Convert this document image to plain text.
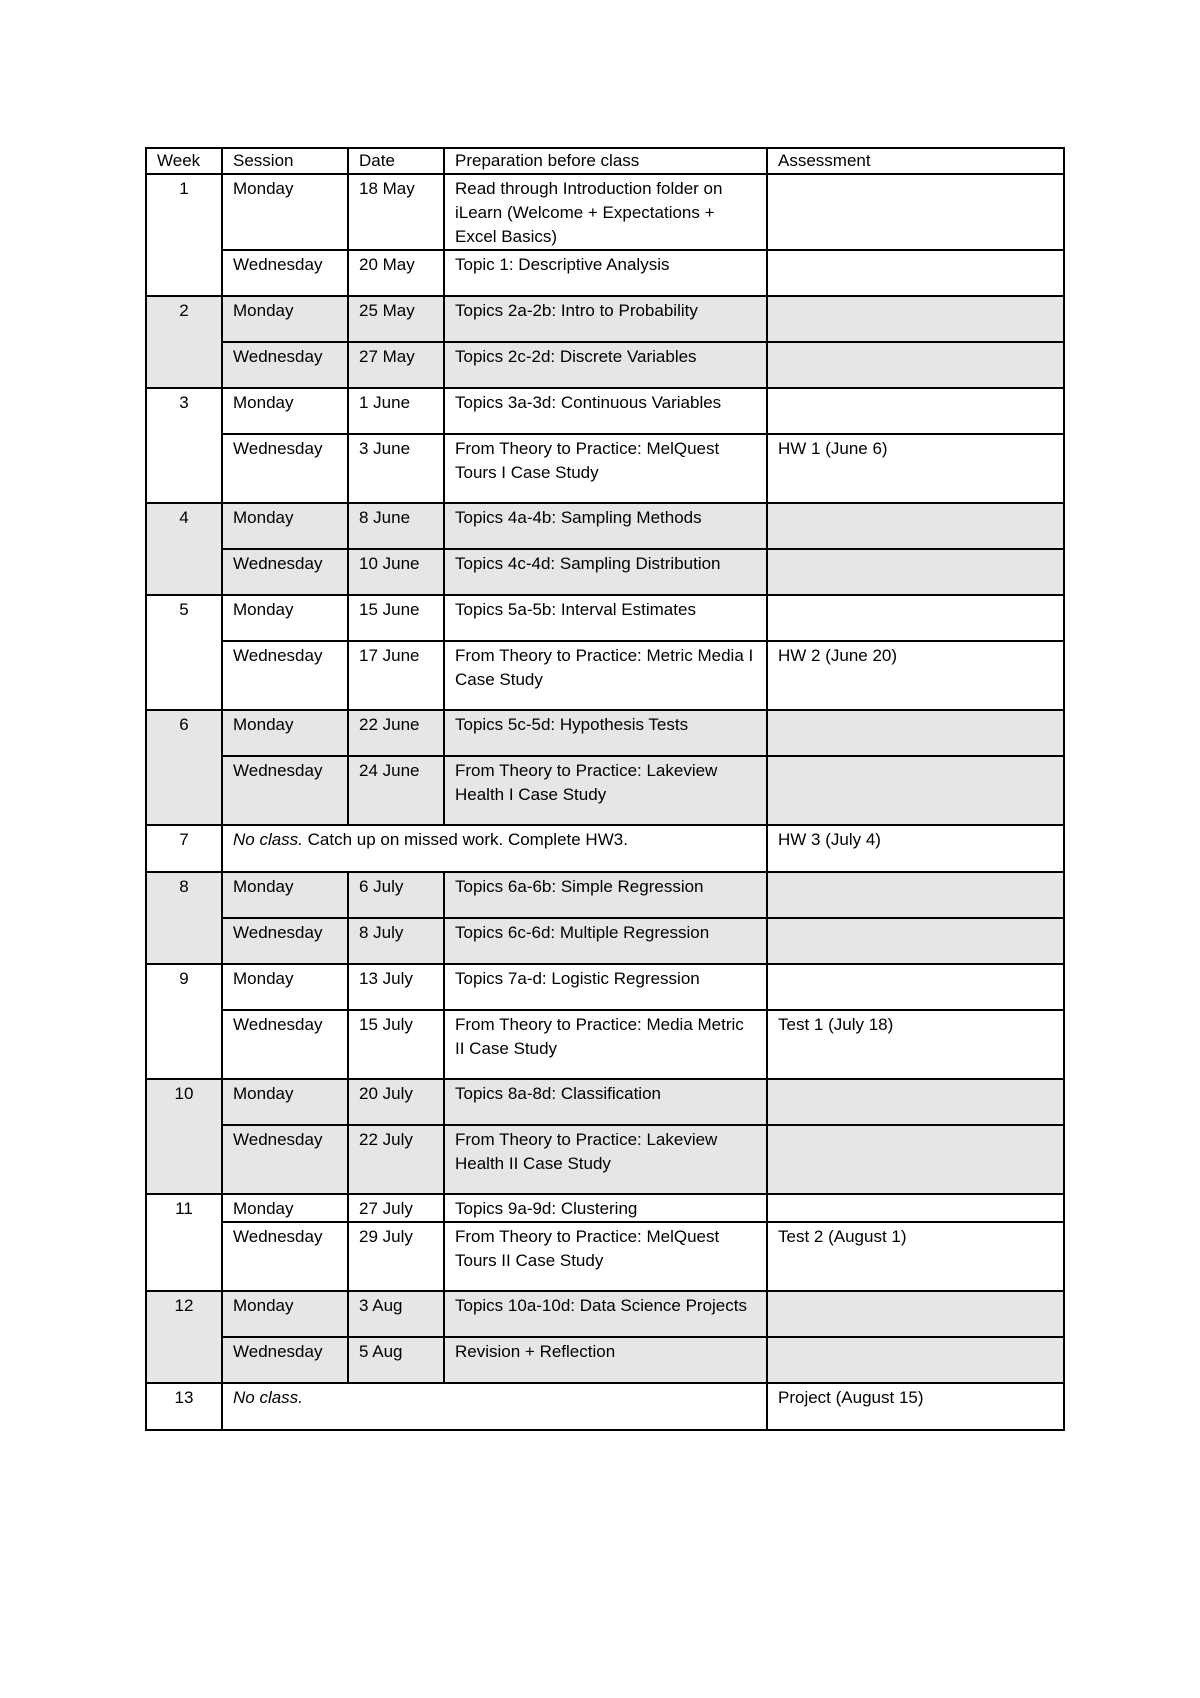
Week	Session	Date	Preparation before class	Assessment
1	Monday	18 May	Read through Introduction folder on iLearn (Welcome + Expectations + Excel Basics)	
	Wednesday	20 May	Topic 1: Descriptive Analysis	
2	Monday	25 May	Topics 2a-2b: Intro to Probability	
	Wednesday	27 May	Topics 2c-2d: Discrete Variables	
3	Monday	1 June	Topics 3a-3d: Continuous Variables	
	Wednesday	3 June	From Theory to Practice: MelQuest Tours I Case Study	HW 1 (June 6)
4	Monday	8 June	Topics 4a-4b: Sampling Methods	
	Wednesday	10 June	Topics 4c-4d: Sampling Distribution	
5	Monday	15 June	Topics 5a-5b: Interval Estimates	
	Wednesday	17 June	From Theory to Practice: Metric Media I Case Study	HW 2 (June 20)
6	Monday	22 June	Topics 5c-5d: Hypothesis Tests	
	Wednesday	24 June	From Theory to Practice: Lakeview Health I Case Study	
7	No class. Catch up on missed work. Complete HW3.			HW 3 (July 4)
8	Monday	6 July	Topics 6a-6b: Simple Regression	
	Wednesday	8 July	Topics 6c-6d: Multiple Regression	
9	Monday	13 July	Topics 7a-d: Logistic Regression	
	Wednesday	15 July	From Theory to Practice: Media Metric II Case Study	Test 1 (July 18)
10	Monday	20 July	Topics 8a-8d: Classification	
	Wednesday	22 July	From Theory to Practice: Lakeview Health II Case Study	
11	Monday	27 July	Topics 9a-9d: Clustering	
	Wednesday	29 July	From Theory to Practice: MelQuest Tours II Case Study	Test 2 (August 1)
12	Monday	3 Aug	Topics 10a-10d: Data Science Projects	
	Wednesday	5 Aug	Revision + Reflection	
13	No class.			Project (August 15)
